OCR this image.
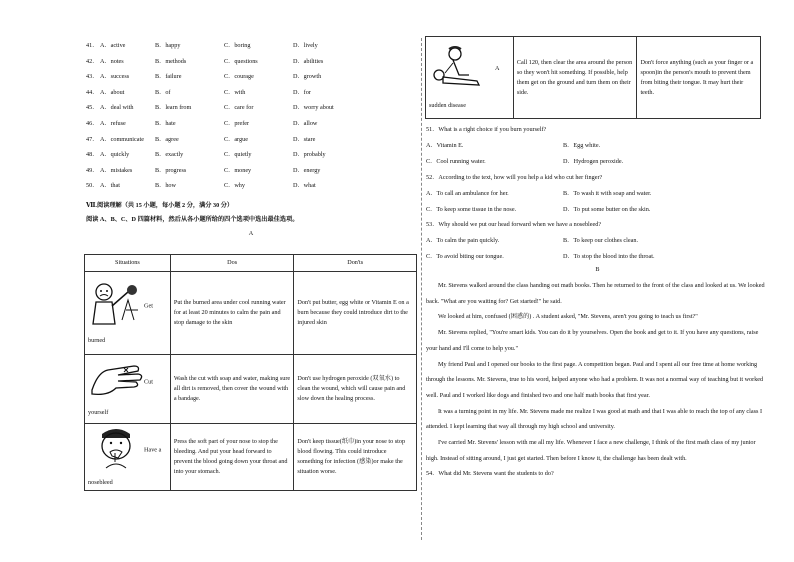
41． A．active	B．happy	C．boring	D．lively
42． A．notes	B．methods	C．questions	D．abilities
43． A．success	B．failure	C．courage	D．growth
44． A．about	B．of	C．with	D．for
45． A．deal with	B．learn from	C．care for	D．worry about
46． A．refuse	B．hate	C．prefer	D．allow
47． A．communicate B．agree	C．argue	D．stare
48． A．quickly	B．exactly	C．quietly	D．probably
49． A．mistakes	B．progress	C．money	D．energy
50． A．that	B．how	C．why	D．what
Ⅶ.阅读理解（共 15 小题，每小题 2 分，满分 30 分）
阅读 A、B、C、D 四篇材料，然后从各小题所给的四个选项中选出最佳选项。
A
Situations	Dos	Don'ts
Get
burned	Put the burned area under cool running water for at least 20 minutes to calm the pain and stop damage to the skin	Don't put butter, egg white or Vitamin E on a burn because they could introduce dirt to the injured skin
Cut
yourself	Wash the cut with soap and water, making sure all dirt is removed, then cover the wound with a bandage.	Don't use hydrogen peroxide (双氧水) to clean the wound, which will cause pain and slow down the healing process.
Have a
nosebleed	Press the soft part of your nose to stop the bleeding. And put your head forward to prevent the blood going down your throat and into your stomach.	Don't keep tissue(纸巾)in your nose to stop blood flowing. This could introduce something for infection (感染)or make the situation worse.
A
sudden disease
	Call 120, then clear the area around the person so they won't hit something. If possible, help them get on the ground and turn them on their side.	Don't force anything (such as your finger or a spoon)in the person's mouth to prevent them from biting their tongue. It may hurt their teeth.
51．What is a right choice if you burn yourself?
A．Vitamin E.	B．Egg white.
C．Cool running water.	D．Hydrogen peroxide.
52．According to the text, how will you help a kid who cut her finger?
A．To call an ambulance for her.	B．To wash it with soap and water.
C．To keep some tissue in the nose.	D．To put some butter on the skin.
53．Why should we put our head forward when we have a nosebleed?
A．To calm the pain quickly.	B．To keep our clothes clean.
C．To avoid biting our tongue.	D．To stop the blood into the throat.
B
Mr. Stevens walked around the class handing out math books. Then he returned to the front of the class and looked at us. We looked back. "What are you waiting for? Get started!" he said.
We looked at him, confused (困惑的) . A student asked, "Mr. Stevens, aren't you going to teach us first?"
Mr. Stevens replied, "You're smart kids. You can do it by yourselves. Open the book and get to it. If you have any questions, raise your hand and I'll come to help you."
My friend Paul and I opened our books to the first page. A competition began. Paul and I spent all our free time at home working through the lessons. Mr. Stevens, true to his word, helped anyone who had a problem. It was not a normal way of teaching but it worked well. Paul and I worked like dogs and finished two and one half math books that first year.
It was a turning point in my life. Mr. Stevens made me realize I was good at math and that I was able to reach the top of any class I attended. I kept learning that way all through my high school and university.
I've carried Mr. Stevens' lesson with me all my life. Whenever I face a new challenge, I think of the first math class of my junior high. Instead of sitting around, I just get started. Then before I know it, the challenge has been dealt with.
54．What did Mr. Stevens want the students to do?
